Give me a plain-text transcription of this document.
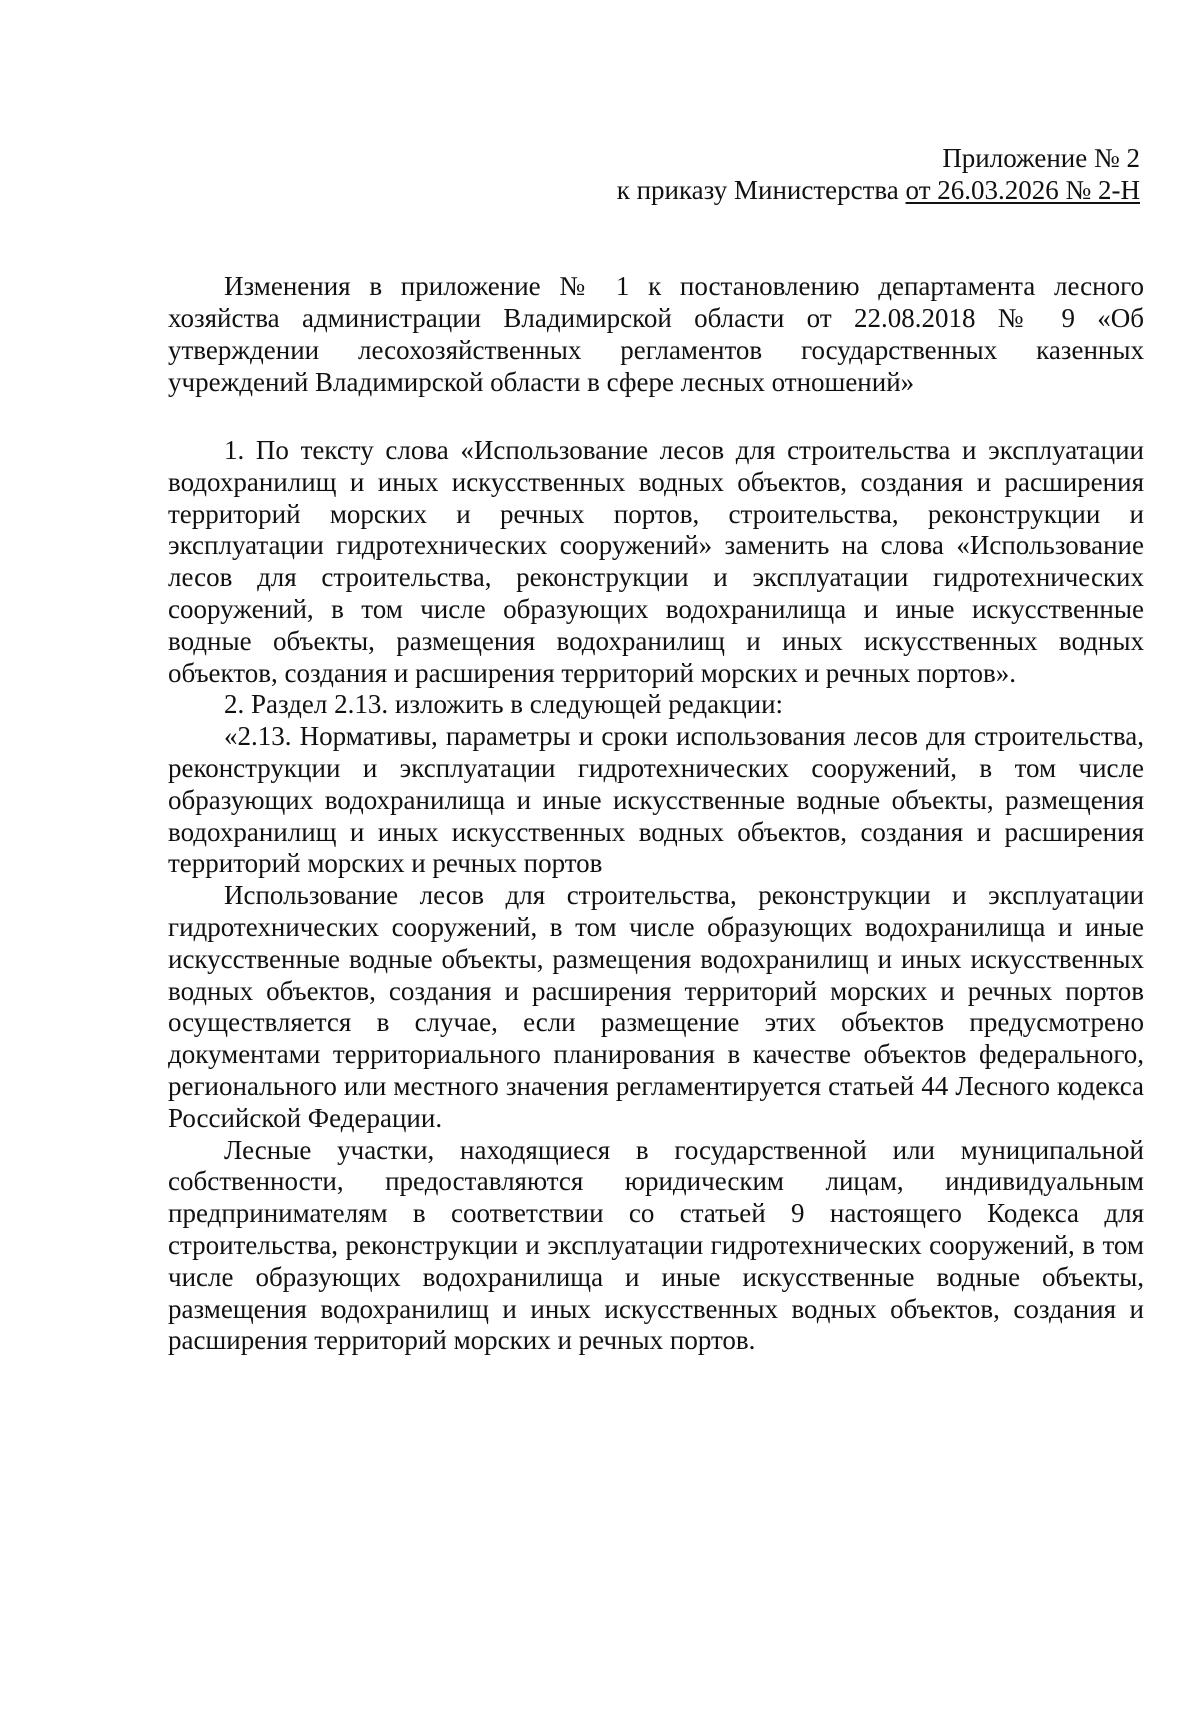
Приложение № 2
к приказу Министерства от 26.03.2026 № 2-Н
Изменения в приложение № 1 к постановлению департамента лесного хозяйства администрации Владимирской области от 22.08.2018 № 9 «Об утверждении лесохозяйственных регламентов государственных казенных учреждений Владимирской области в сфере лесных отношений»

1. По тексту слова «Использование лесов для строительства и эксплуатации водохранилищ и иных искусственных водных объектов, создания и расширения территорий морских и речных портов, строительства, реконструкции и эксплуатации гидротехнических сооружений» заменить на слова «Использование лесов для строительства, реконструкции и эксплуатации гидротехнических сооружений, в том числе образующих водохранилища и иные искусственные водные объекты, размещения водохранилищ и иных искусственных водных объектов, создания и расширения территорий морских и речных портов».

2. Раздел 2.13. изложить в следующей редакции:

«2.13. Нормативы, параметры и сроки использования лесов для строительства, реконструкции и эксплуатации гидротехнических сооружений, в том числе образующих водохранилища и иные искусственные водные объекты, размещения водохранилищ и иных искусственных водных объектов, создания и расширения территорий морских и речных портов

Использование лесов для строительства, реконструкции и эксплуатации гидротехнических сооружений, в том числе образующих водохранилища и иные искусственные водные объекты, размещения водохранилищ и иных искусственных водных объектов, создания и расширения территорий морских и речных портов осуществляется в случае, если размещение этих объектов предусмотрено документами территориального планирования в качестве объектов федерального, регионального или местного значения регламентируется статьей 44 Лесного кодекса Российской Федерации.

Лесные участки, находящиеся в государственной или муниципальной собственности, предоставляются юридическим лицам, индивидуальным предпринимателям в соответствии со статьей 9 настоящего Кодекса для строительства, реконструкции и эксплуатации гидротехнических сооружений, в том числе образующих водохранилища и иные искусственные водные объекты, размещения водохранилищ и иных искусственных водных объектов, создания и расширения территорий морских и речных портов.
